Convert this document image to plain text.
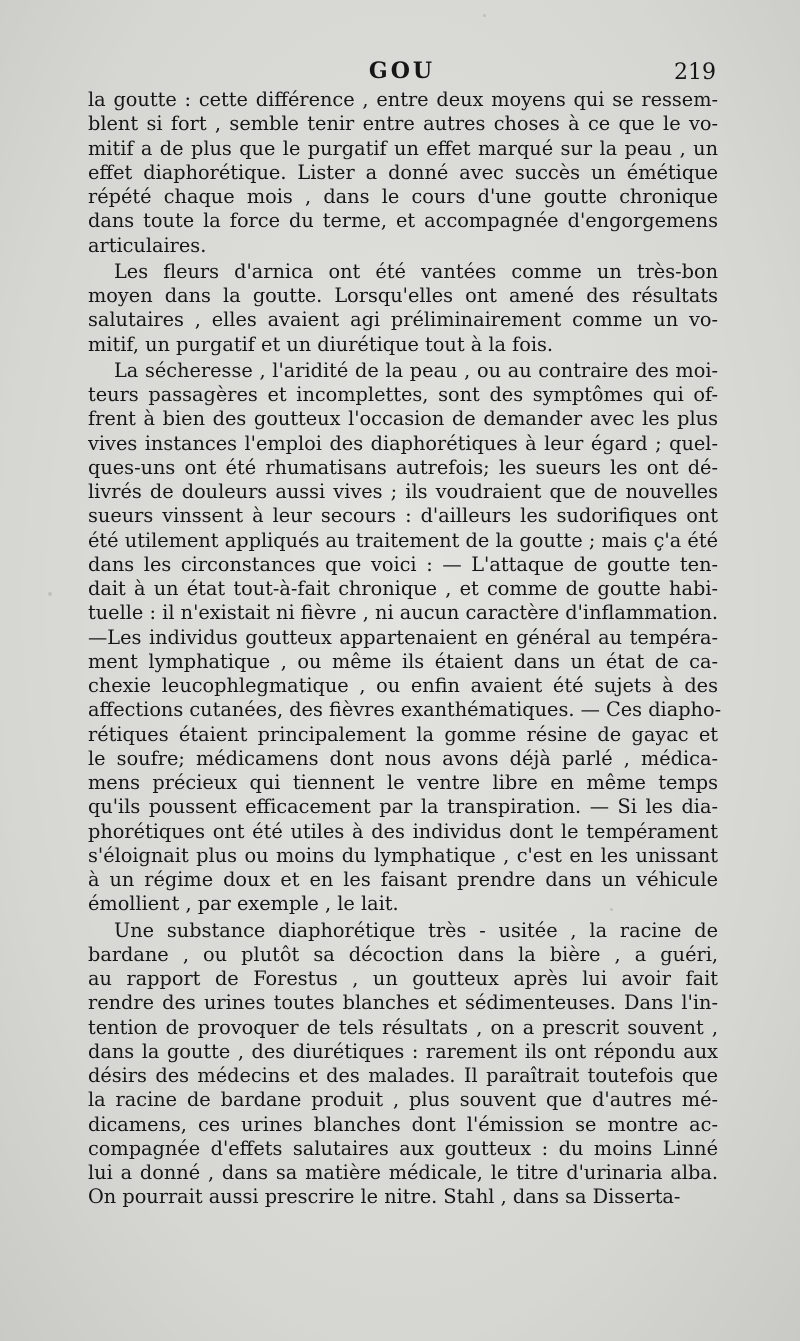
GOU	219
la goutte : cette différence , entre deux moyens qui se ressem-
blent si fort , semble tenir entre autres choses à ce que le vo-
mitif a de plus que le purgatif un effet marqué sur la peau , un
effet diaphorétique. Lister a donné avec succès un émétique
répété chaque mois , dans le cours d'une goutte chronique
dans toute la force du terme, et accompagnée d'engorgemens
articulaires.
Les fleurs d'arnica ont été vantées comme un très-bon
moyen dans la goutte. Lorsqu'elles ont amené des résultats
salutaires , elles avaient agi préliminairement comme un vo-
mitif, un purgatif et un diurétique tout à la fois.
La sécheresse , l'aridité de la peau , ou au contraire des moi-
teurs passagères et incomplettes, sont des symptômes qui of-
frent à bien des goutteux l'occasion de demander avec les plus
vives instances l'emploi des diaphorétiques à leur égard ; quel-
ques-uns ont été rhumatisans autrefois; les sueurs les ont dé-
livrés de douleurs aussi vives ; ils voudraient que de nouvelles
sueurs vinssent à leur secours : d'ailleurs les sudorifiques ont
été utilement appliqués au traitement de la goutte ; mais ç'a été
dans les circonstances que voici : — L'attaque de goutte ten-
dait à un état tout-à-fait chronique , et comme de goutte habi-
tuelle : il n'existait ni fièvre , ni aucun caractère d'inflammation.
—Les individus goutteux appartenaient en général au tempéra-
ment lymphatique , ou même ils étaient dans un état de ca-
chexie leucophlegmatique , ou enfin avaient été sujets à des
affections cutanées, des fièvres exanthématiques. — Ces diapho-
rétiques étaient principalement la gomme résine de gayac et
le soufre; médicamens dont nous avons déjà parlé , médica-
mens précieux qui tiennent le ventre libre en même temps
qu'ils poussent efficacement par la transpiration. — Si les dia-
phorétiques ont été utiles à des individus dont le tempérament
s'éloignait plus ou moins du lymphatique , c'est en les unissant
à un régime doux et en les faisant prendre dans un véhicule
émollient , par exemple , le lait.
Une substance diaphorétique très - usitée , la racine de
bardane , ou plutôt sa décoction dans la bière , a guéri,
au rapport de Forestus , un goutteux après lui avoir fait
rendre des urines toutes blanches et sédimenteuses. Dans l'in-
tention de provoquer de tels résultats , on a prescrit souvent ,
dans la goutte , des diurétiques : rarement ils ont répondu aux
désirs des médecins et des malades. Il paraîtrait toutefois que
la racine de bardane produit , plus souvent que d'autres mé-
dicamens, ces urines blanches dont l'émission se montre ac-
compagnée d'effets salutaires aux goutteux : du moins Linné
lui a donné , dans sa matière médicale, le titre d'urinaria alba.
On pourrait aussi prescrire le nitre. Stahl , dans sa Disserta-
